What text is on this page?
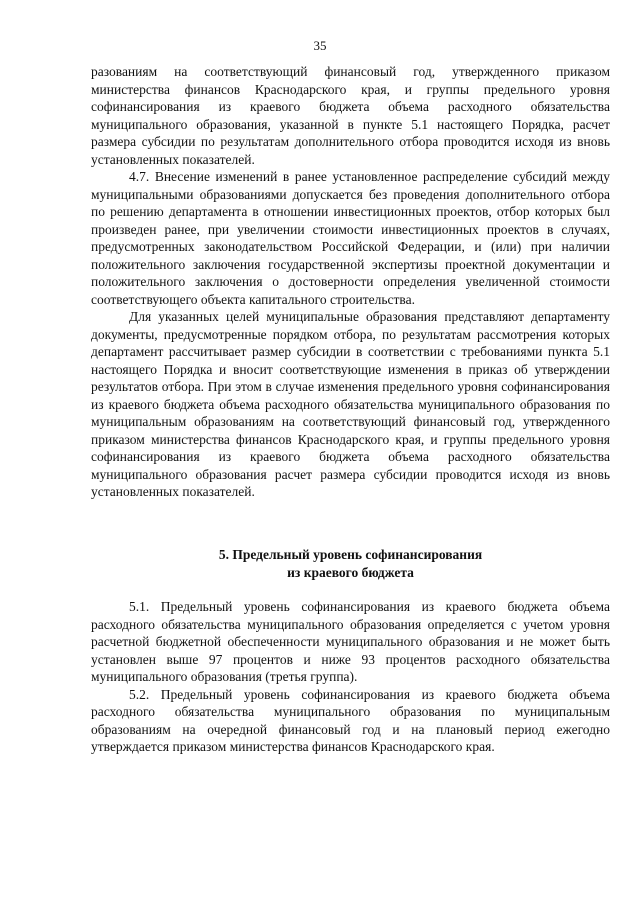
35

разованиям на соответствующий финансовый год, утвержденного приказом министерства финансов Краснодарского края, и группы предельного уровня софинансирования из краевого бюджета объема расходного обязательства муниципального образования, указанной в пункте 5.1 настоящего Порядка, расчет размера субсидии по результатам дополнительного отбора проводится исходя из вновь установленных показателей.

4.7. Внесение изменений в ранее установленное распределение субсидий между муниципальными образованиями допускается без проведения дополнительного отбора по решению департамента в отношении инвестиционных проектов, отбор которых был произведен ранее, при увеличении стоимости инвестиционных проектов в случаях, предусмотренных законодательством Российской Федерации, и (или) при наличии положительного заключения государственной экспертизы проектной документации и положительного заключения о достоверности определения увеличенной стоимости соответствующего объекта капитального строительства.

Для указанных целей муниципальные образования представляют департаменту документы, предусмотренные порядком отбора, по результатам рассмотрения которых департамент рассчитывает размер субсидии в соответствии с требованиями пункта 5.1 настоящего Порядка и вносит соответствующие изменения в приказ об утверждении результатов отбора. При этом в случае изменения предельного уровня софинансирования из краевого бюджета объема расходного обязательства муниципального образования по муниципальным образованиям на соответствующий финансовый год, утвержденного приказом министерства финансов Краснодарского края, и группы предельного уровня софинансирования из краевого бюджета объема расходного обязательства муниципального образования расчет размера субсидии проводится исходя из вновь установленных показателей.

5. Предельный уровень софинансирования
из краевого бюджета

5.1. Предельный уровень софинансирования из краевого бюджета объема расходного обязательства муниципального образования определяется с учетом уровня расчетной бюджетной обеспеченности муниципального образования и не может быть установлен выше 97 процентов и ниже 93 процентов расходного обязательства муниципального образования (третья группа).

5.2. Предельный уровень софинансирования из краевого бюджета объема расходного обязательства муниципального образования по муниципальным образованиям на очередной финансовый год и на плановый период ежегодно утверждается приказом министерства финансов Краснодарского края.
